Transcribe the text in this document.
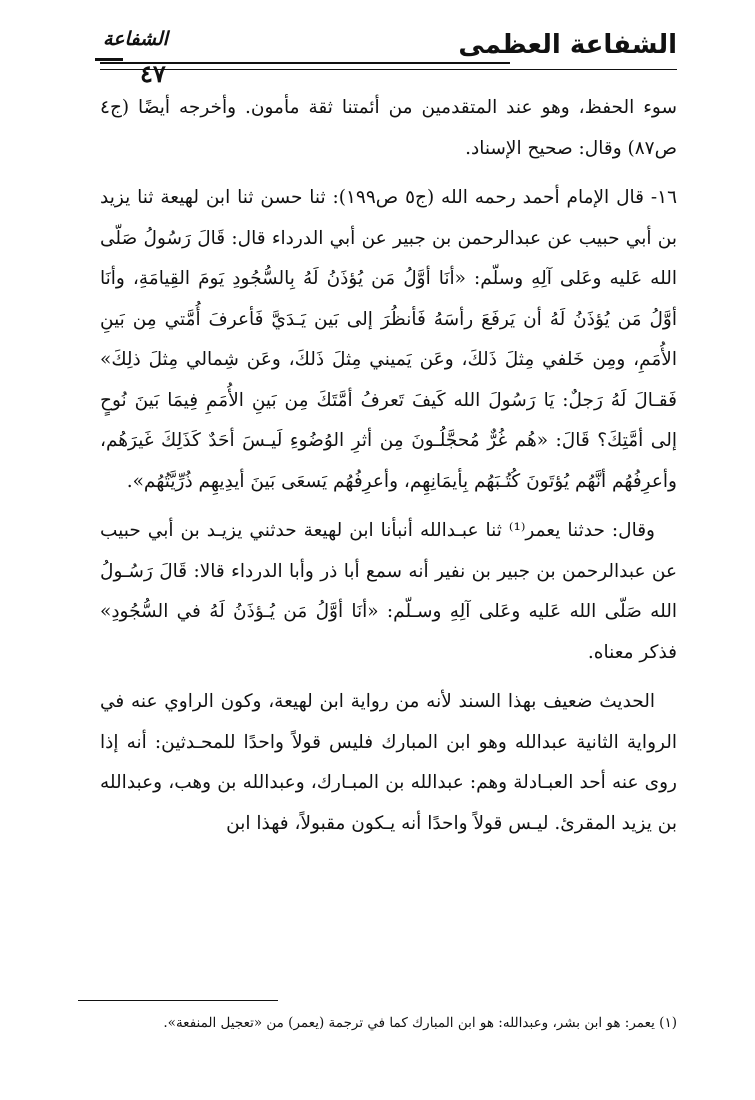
الشفاعة العظمى
الشفاعة
٤٧

سوء الحفظ، وهو عند المتقدمين من أئمتنا ثقة مأمون. وأخرجه أيضًا (ج٤ ص٨٧) وقال: صحيح الإسناد.

١٦- قال الإمام أحمد رحمه الله (ج٥ ص١٩٩): ثنا حسن ثنا ابن لهيعة ثنا يزيد بن أبي حبيب عن عبدالرحمن بن جبير عن أبي الدرداء قال: قَالَ رَسُولُ صَلّى الله عَليه وعَلى آلِهِ وسلّم: «أنَا أوَّلُ مَن يُؤذَنُ لَهُ بِالسُّجُودِ يَومَ القِيامَةِ، وأنَا أوَّلُ مَن يُؤذَنُ لَهُ أن يَرفَعَ رأسَهُ فَأنظُرَ إلى بَين يَـدَيَّ فَأعرفَ أُمَّتي مِن بَينِ الأُمَمِ، ومِن خَلفي مِثلَ ذَلكَ، وعَن يَميني مِثلَ ذَلكَ، وعَن شِمالي مِثلَ ذلِكَ» فَقـالَ لَهُ رَجلٌ: يَا رَسُولَ الله كَيفَ تَعرفُ أمَّتَكَ مِن بَينِ الأُمَمِ فِيمَا بَينَ نُوحٍ إلى أمَّتِكَ؟ قَالَ: «هُم غُرٌّ مُحجَّلُـونَ مِن أثرِ الوُضُوءِ لَيـسَ أحَدٌ كَذَلِكَ غَيرَهُم، وأعرِفُهُم أنَّهُم يُؤتَونَ كُتُـبَهُم بِأيمَانِهِم، وأعرِفُهُم يَسعَى بَينَ أيدِيهِم ذُرِّيَّتُهُم».

وقال: حدثنا يعمر⁽¹⁾ ثنا عبـدالله أنبأنا ابن لهيعة حدثني يزيـد بن أبي حبيب عن عبدالرحمن بن جبير بن نفير أنه سمع أبا ذر وأبا الدرداء قالا: قَالَ رَسُـولُ الله صَلّى الله عَليه وعَلى آلِهِ وسـلّم: «أنَا أوَّلُ مَن يُـؤذَنُ لَهُ في السُّجُودِ» فذكر معناه.

الحديث ضعيف بهذا السند لأنه من رواية ابن لهيعة، وكون الراوي عنه في الرواية الثانية عبدالله وهو ابن المبارك فليس قولاً واحدًا للمحـدثين: أنه إذا روى عنه أحد العبـادلة وهم: عبدالله بن المبـارك، وعبدالله بن وهب، وعبدالله بن يزيد المقرئ. ليـس قولاً واحدًا أنه يـكون مقبولاً، فهذا ابن

(١) يعمر: هو ابن بشر، وعبدالله: هو ابن المبارك كما في ترجمة (يعمر) من «تعجيل المنفعة».
